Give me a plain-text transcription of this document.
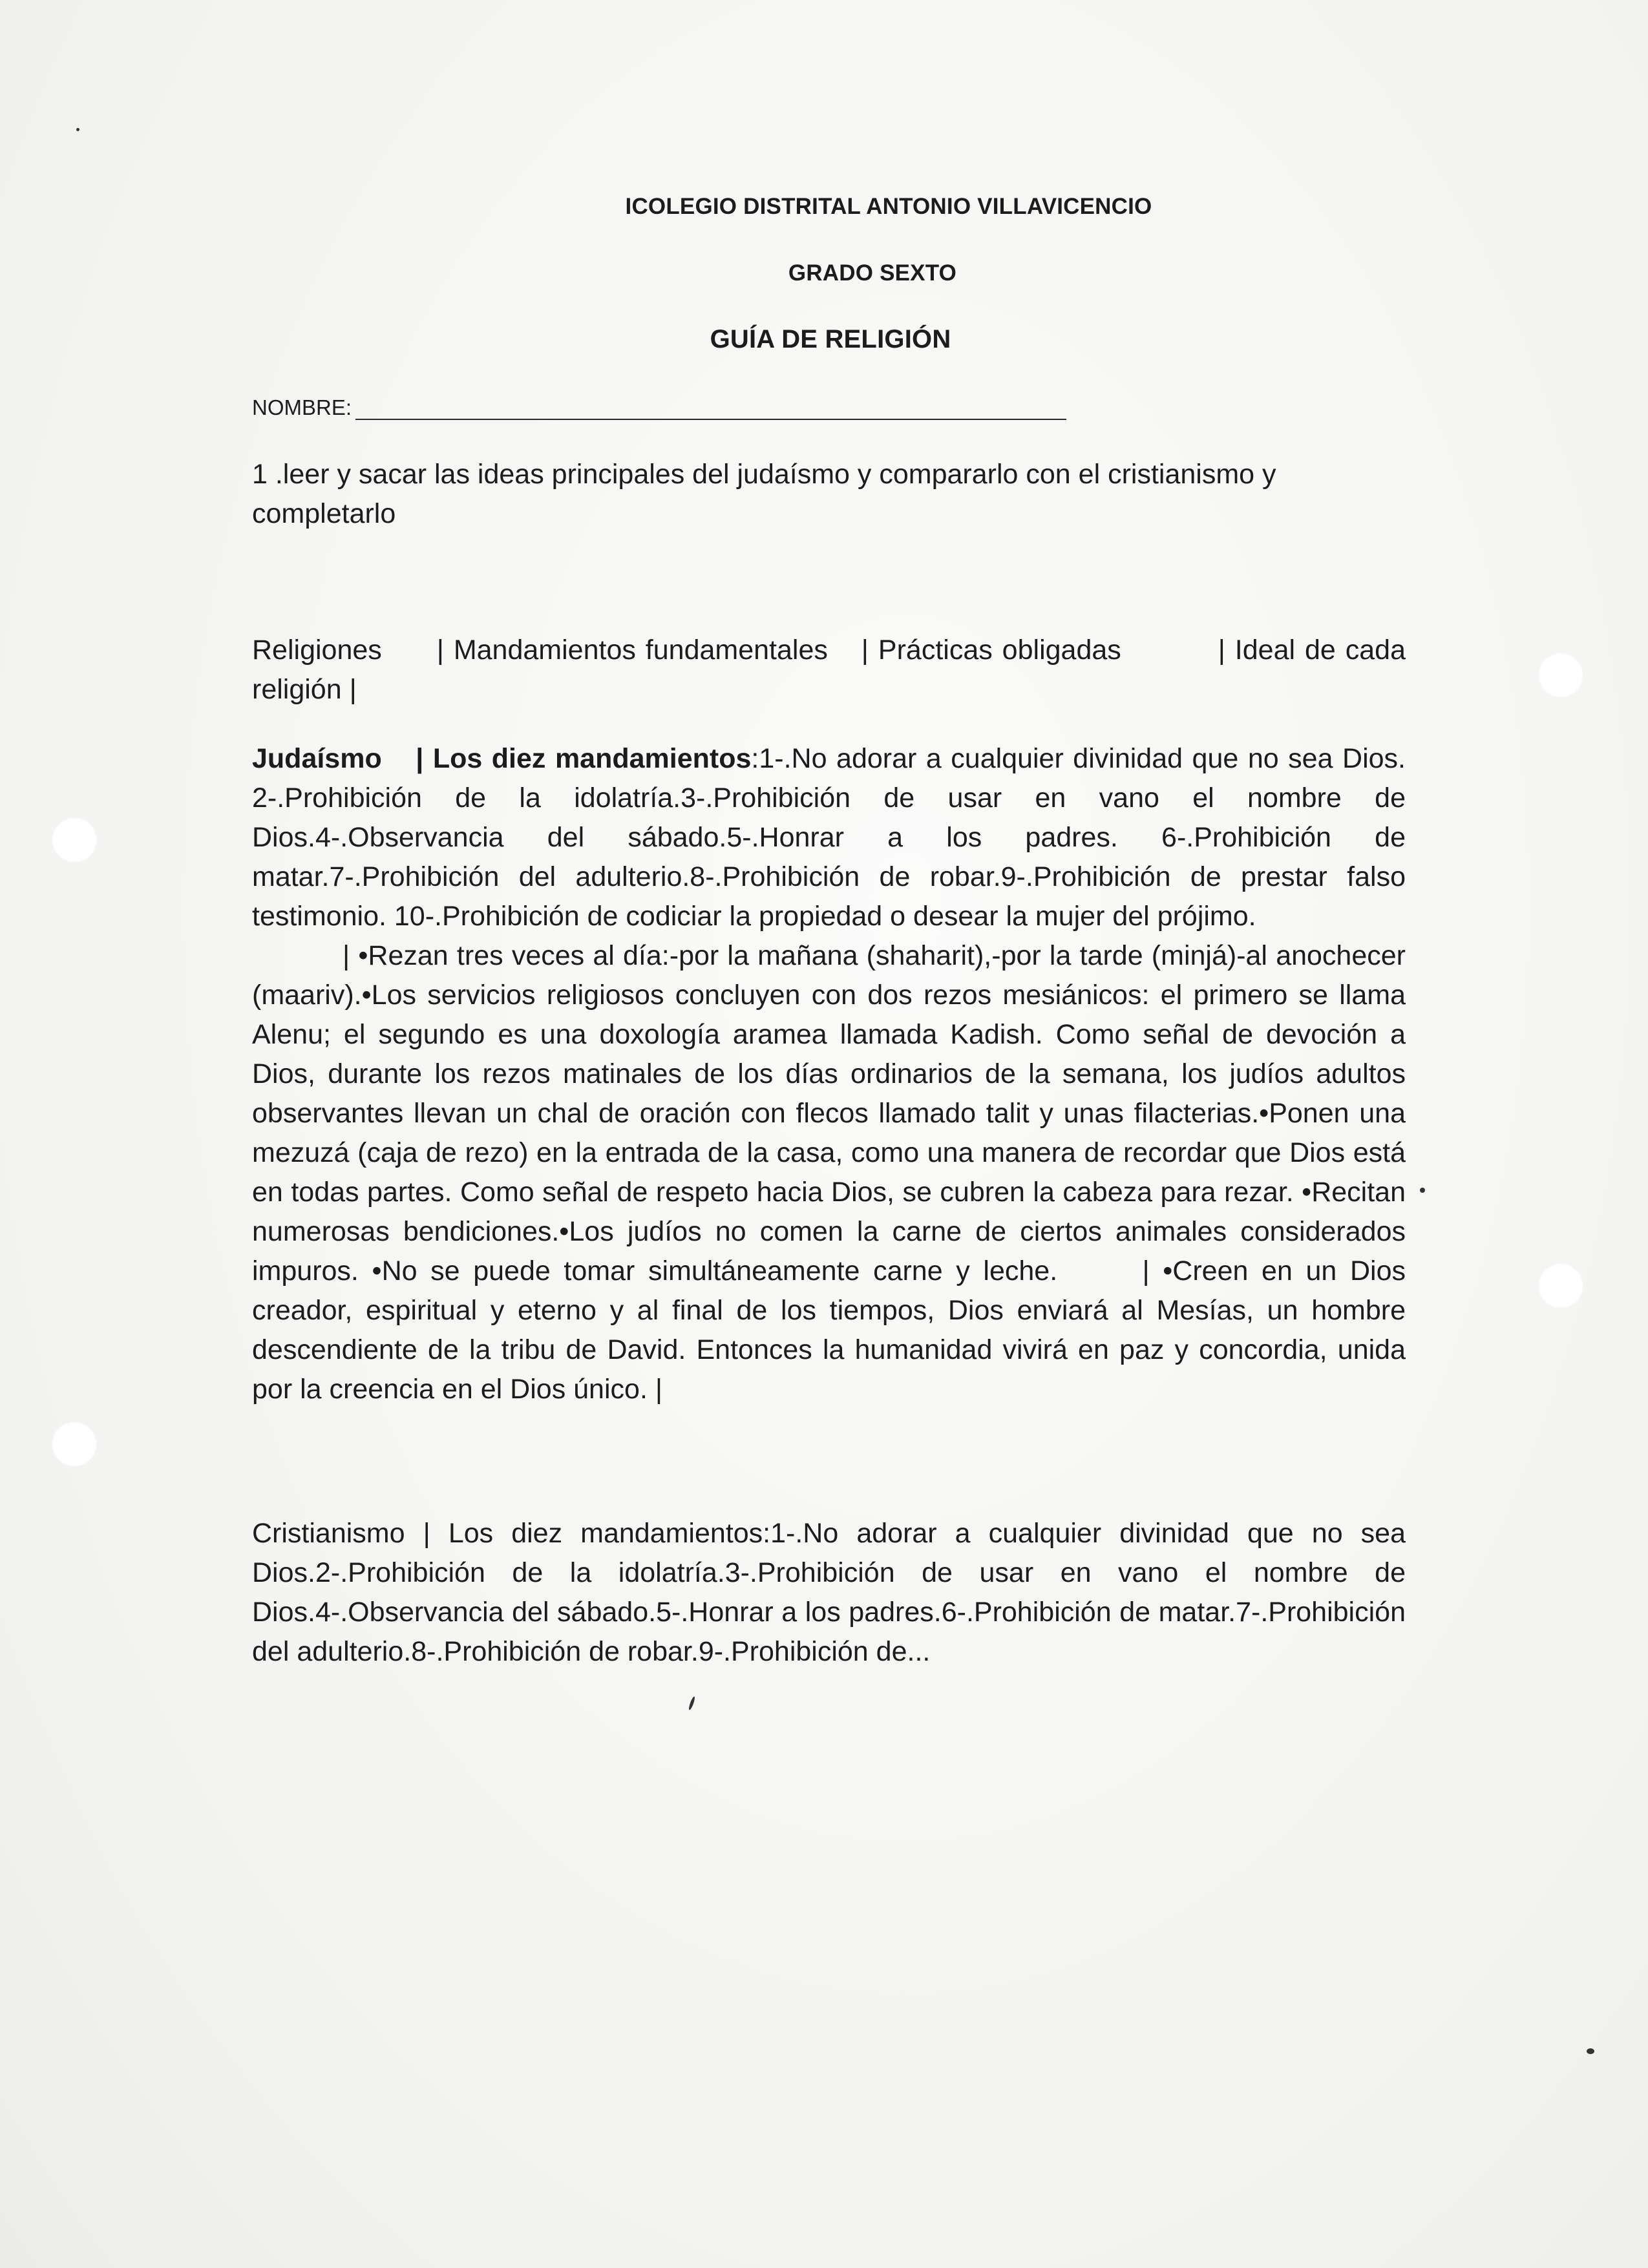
ICOLEGIO DISTRITAL ANTONIO VILLAVICENCIO
GRADO SEXTO
GUÍA DE RELIGIÓN
NOMBRE:
1 .leer y sacar las ideas principales del judaísmo y compararlo con el cristianismo y completarlo
Religiones | Mandamientos fundamentales | Prácticas obligadas	| Ideal de cada religión |
Judaísmo | Los diez mandamientos:1-.No adorar a cualquier divinidad que no sea Dios. 2-.Prohibición de la idolatría.3-.Prohibición de usar en vano el nombre de Dios.4-.Observancia del sábado.5-.Honrar a los padres. 6-.Prohibición de matar.7-.Prohibición del adulterio.8-.Prohibición de robar.9-.Prohibición de prestar falso testimonio. 10-.Prohibición de codiciar la propiedad o desear la mujer del prójimo.
| •Rezan tres veces al día:-por la mañana (shaharit),-por la tarde (minjá)-al anochecer (maariv).•Los servicios religiosos concluyen con dos rezos mesiánicos: el primero se llama Alenu; el segundo es una doxología aramea llamada Kadish. Como señal de devoción a Dios, durante los rezos matinales de los días ordinarios de la semana, los judíos adultos observantes llevan un chal de oración con flecos llamado talit y unas filacterias.•Ponen una mezuzá (caja de rezo) en la entrada de la casa, como una manera de recordar que Dios está en todas partes. Como señal de respeto hacia Dios, se cubren la cabeza para rezar. •Recitan numerosas bendiciones.•Los judíos no comen la carne de ciertos animales considerados impuros. •No se puede tomar simultáneamente carne y leche.	| •Creen en un Dios creador, espiritual y eterno y al final de los tiempos, Dios enviará al Mesías, un hombre descendiente de la tribu de David. Entonces la humanidad vivirá en paz y concordia, unida por la creencia en el Dios único. |
Cristianismo | Los diez mandamientos:1-.No adorar a cualquier divinidad que no sea Dios.2-.Prohibición de la idolatría.3-.Prohibición de usar en vano el nombre de Dios.4-.Observancia del sábado.5-.Honrar a los padres.6-.Prohibición de matar.7-.Prohibición del adulterio.8-.Prohibición de robar.9-.Prohibición de...
